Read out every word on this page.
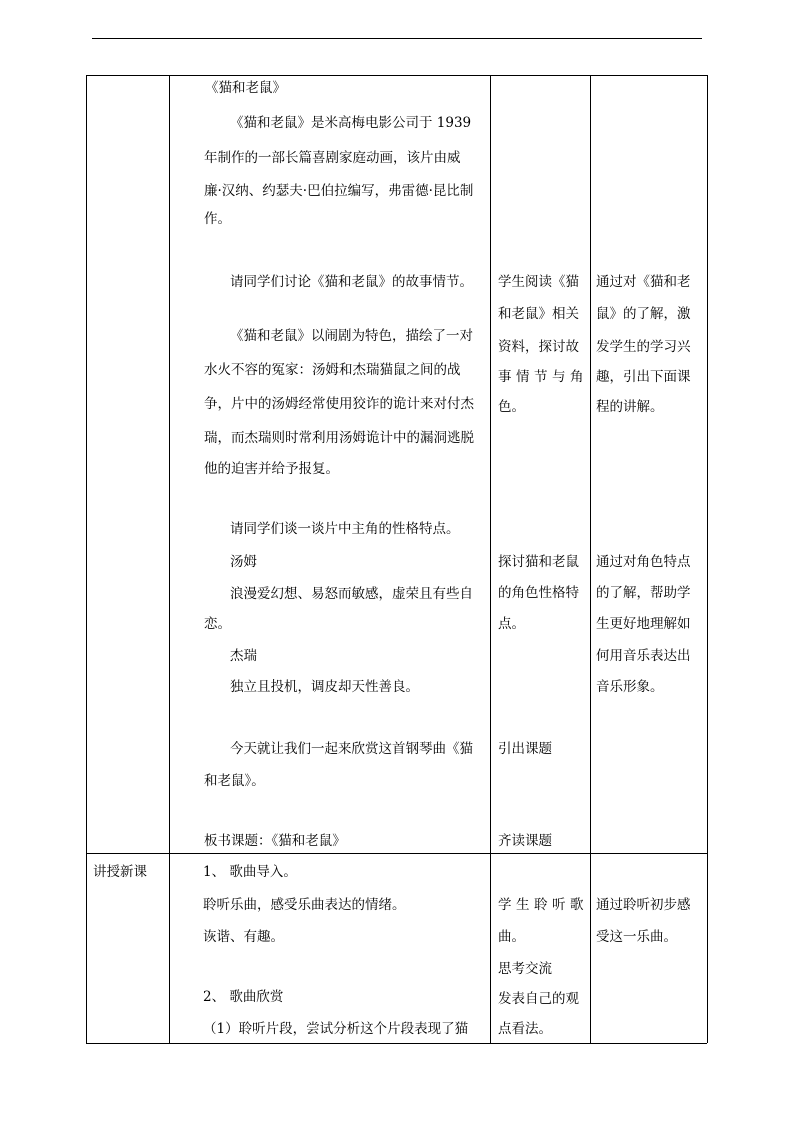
《猫和老鼠》
《猫和老鼠》是米高梅电影公司于 1939
年制作的一部长篇喜剧家庭动画，该片由威
廉·汉纳、约瑟夫·巴伯拉编写，弗雷德·昆比制
作。
请同学们讨论《猫和老鼠》的故事情节。
《猫和老鼠》以闹剧为特色，描绘了一对
水火不容的冤家：汤姆和杰瑞猫鼠之间的战
争，片中的汤姆经常使用狡诈的诡计来对付杰
瑞，而杰瑞则时常利用汤姆诡计中的漏洞逃脱
他的迫害并给予报复。
请同学们谈一谈片中主角的性格特点。
汤姆
浪漫爱幻想、易怒而敏感，虚荣且有些自
恋。
杰瑞
独立且投机，调皮却天性善良。
今天就让我们一起来欣赏这首钢琴曲《猫
和老鼠》。
板书课题：《猫和老鼠》
学生阅读《猫
和老鼠》相关
资料，探讨故
事情节与角
色。
探讨猫和老鼠
的角色性格特
点。
引出课题
齐读课题
通过对《猫和老
鼠》的了解，激
发学生的学习兴
趣，引出下面课
程的讲解。
通过对角色特点
的了解，帮助学
生更好地理解如
何用音乐表达出
音乐形象。
讲授新课	1、 歌曲导入。
聆听乐曲，感受乐曲表达的情绪。
诙谐、有趣。
2、 歌曲欣赏
（1）聆听片段，尝试分析这个片段表现了猫
学生聆听歌
曲。
思考交流
发表自己的观
点看法。
通过聆听初步感
受这一乐曲。
